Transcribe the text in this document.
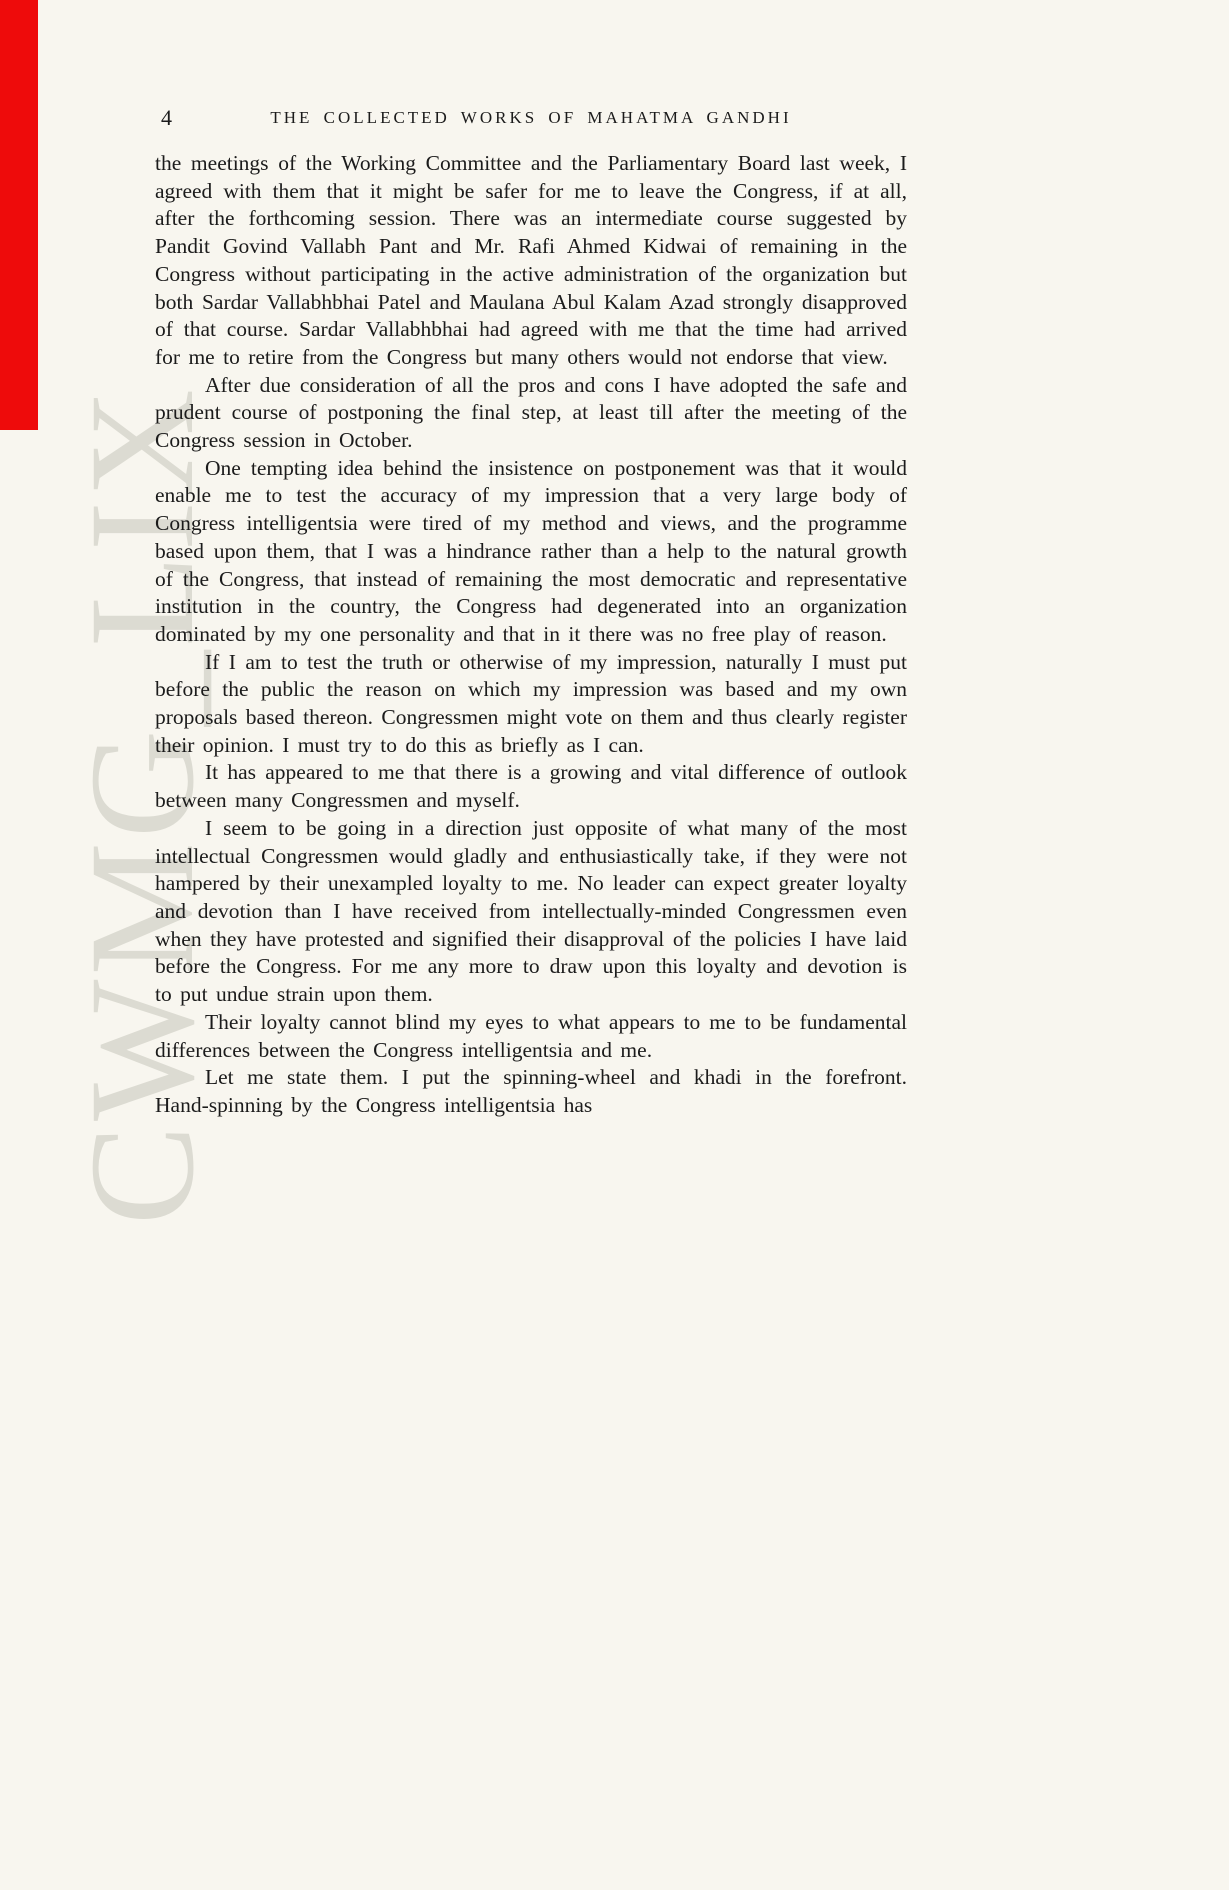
CWMG_LIX
4	THE COLLECTED WORKS OF MAHATMA GANDHI

the meetings of the Working Committee and the Parliamentary Board last week, I agreed with them that it might be safer for me to leave the Congress, if at all, after the forthcoming session. There was an intermediate course suggested by Pandit Govind Vallabh Pant and Mr. Rafi Ahmed Kidwai of remaining in the Congress without participating in the active administration of the organization but both Sardar Vallabhbhai Patel and Maulana Abul Kalam Azad strongly disapproved of that course. Sardar Vallabhbhai had agreed with me that the time had arrived for me to retire from the Congress but many others would not endorse that view.

After due consideration of all the pros and cons I have adopted the safe and prudent course of postponing the final step, at least till after the meeting of the Congress session in October.

One tempting idea behind the insistence on postponement was that it would enable me to test the accuracy of my impression that a very large body of Congress intelligentsia were tired of my method and views, and the programme based upon them, that I was a hindrance rather than a help to the natural growth of the Congress, that instead of remaining the most democratic and representative institution in the country, the Congress had degenerated into an organization dominated by my one personality and that in it there was no free play of reason.

If I am to test the truth or otherwise of my impression, naturally I must put before the public the reason on which my impression was based and my own proposals based thereon. Congressmen might vote on them and thus clearly register their opinion. I must try to do this as briefly as I can.

It has appeared to me that there is a growing and vital difference of outlook between many Congressmen and myself.

I seem to be going in a direction just opposite of what many of the most intellectual Congressmen would gladly and enthusiastically take, if they were not hampered by their unexampled loyalty to me. No leader can expect greater loyalty and devotion than I have received from intellectually-minded Congressmen even when they have protested and signified their disapproval of the policies I have laid before the Congress. For me any more to draw upon this loyalty and devotion is to put undue strain upon them.

Their loyalty cannot blind my eyes to what appears to me to be fundamental differences between the Congress intelligentsia and me.

Let me state them. I put the spinning-wheel and khadi in the forefront. Hand-spinning by the Congress intelligentsia has
